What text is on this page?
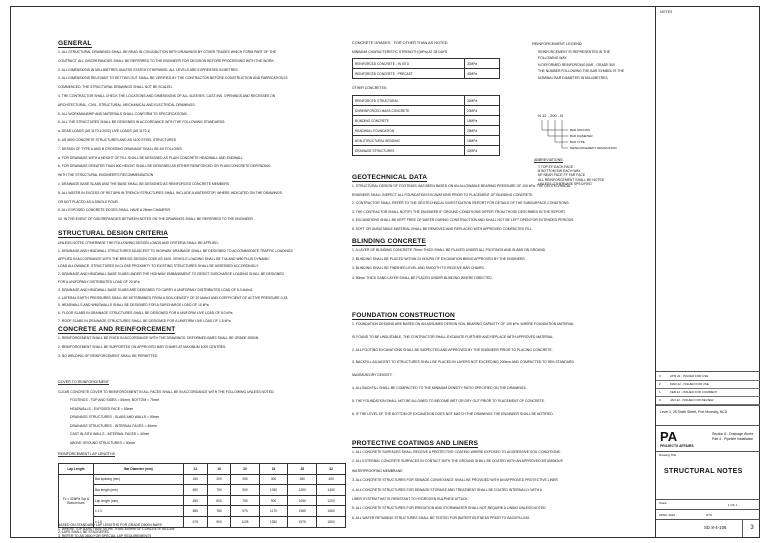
GENERAL
1. ALL STRUCTURAL DRAWINGS SHALL BE READ IN CONJUNCTION WITH DRAWINGS BY OTHER TRADES WHICH FORM PART OF THE
CONTRACT. ALL DISCREPANCIES SHALL BE REFERRED TO THE ENGINEER FOR DECISION BEFORE PROCEEDING WITH THE WORK.
2. ALL DIMENSIONS IN MILLIMETRES UNLESS STATED OTHERWISE. ALL LEVELS ARE EXPRESSED IN METRES.
3. ALL DIMENSIONS RELEVANT TO SETTING OUT SHALL BE VERIFIED BY THE CONTRACTOR BEFORE CONSTRUCTION AND FABRICATION IS
COMMENCED. THE STRUCTURAL DRAWINGS SHALL NOT BE SCALED.
4. THE CONTRACTOR SHALL CHECK THE LOCATIONS AND DIMENSIONS OF ALL SLEEVES, CAST-INS, OPENINGS AND RECESSES ON
ARCHITECTURAL, CIVIL, STRUCTURAL, MECHANICAL AND ELECTRICAL DRAWINGS.
5. ALL WORKMANSHIP AND MATERIALS SHALL CONFORM TO SPECIFICATIONS.
6. ALL THE STRUCTURES SHALL BE DESIGNED IN ACCORDANCE WITH THE FOLLOWING STANDARDS:
a. DEAD LOADS (AS 1170.1:2002) LIVE LOADS (AS 1170.1)
b. AS 3600 CONCRETE STRUCTURES AND AS 4100 STEEL STRUCTURES
7. DESIGN OF TYPE A AND B CROSSING DRAINAGE SHALL BE AS FOLLOWS:
a. FOR DRAINAGE WITH A HEIGHT OF FILL SHALL BE DESIGNED AS PLAIN CONCRETE HEADWALL AND ENDWALL
b. FOR DRAINAGE GREATER THAN 600 HEIGHT SHALL BE DESIGNED AS EITHER REINFORCED OR PLAIN CONCRETE DEPENDING
WITH THE STRUCTURAL ENGINEER'S RECOMMENDATION
c. DRAINAGE BASE SLABS AND THE BASE SHALL BE DESIGNED AS REINFORCED CONCRETE MEMBERS
8. ALL WATER IN EXCESS OF RETURN IN TRENCH STRUCTURES SHALL INCLUDE A WATERSTOP, WHERE INDICATED ON THE DRAWINGS
OR NOT PLACED AS A SINGLE POUR.
9. ALL EXPOSED CONCRETE EDGES SHALL HAVE A 25mm CHAMFER.
10. IN THE EVENT OF DISCREPANCIES BETWEEN NOTES ON THE DRAWINGS SHALL BE REFERRED TO THE ENGINEER.
STRUCTURAL DESIGN CRITERIA
UNLESS NOTED OTHERWISE THE FOLLOWING DESIGN LOADS AND CRITERIA SHALL BE APPLIED:
1. DRAINAGE AND HEADWALL STRUCTURES ADJACENT TO HIGHWAY DRAINAGE SHALL BE DESIGNED TO ACCOMMODATE TRAFFIC LOADINGS
APPLIED IN ACCORDANCE WITH THE BRIDGE DESIGN CODE AS 5100. VEHICLE LOADING SHALL BE T44 AND W80 PLUS DYNAMIC
LOAD ALLOWANCE. STRUCTURES IN CLOSE PROXIMITY TO EXISTING STRUCTURES SHALL BE ASSESSED ACCORDINGLY.
2. DRAINAGE AND HEADWALL BASE SLABS UNDER THE HIGHWAY EMBANKMENT TO RESIST SURCHARGE LOADING SHALL BE DESIGNED
FOR A UNIFORMLY DISTRIBUTED LOAD OF 20 kPa.
3. DRAINAGE AND HEADWALL BASE SLABS ARE DESIGNED TO CARRY A UNIFORMLY DISTRIBUTED LOAD OF 5.0 kN/m2.
4. LATERAL EARTH PRESSURES SHALL BE DETERMINED FROM A SOIL DENSITY OF 20 kN/m3 AND COEFFICIENT OF ACTIVE PRESSURE 0.33.
5. HEADWALLS AND WINGWALLS SHALL BE DESIGNED FOR A SURCHARGE LOAD OF 10 kPa.
6. FLOOR SLABS IN DRAINAGE STRUCTURES SHALL BE DESIGNED FOR A UNIFORM LIVE LOAD OF 5.0 kPa.
7. ROOF SLABS IN DRAINAGE STRUCTURES SHALL BE DESIGNED FOR A UNIFORM LIVE LOAD OF 1.5 kPa.
CONCRETE AND REINFORCEMENT
1. REINFORCEMENT SHALL BE FIXED IN ACCORDANCE WITH THE DRAWINGS. DEFORMED BARS SHALL BE GRADE D500N.
2. REINFORCEMENT SHALL BE SUPPORTED ON APPROVED BAR CHAIRS AT MAXIMUM 1000 CENTRES.
3. NO WELDING OF REINFORCEMENT SHALL BE PERMITTED.
COVER TO REINFORCEMENT
CLEAR CONCRETE COVER TO REINFORCEMENT IN ALL FACES SHALL BE IN ACCORDANCE WITH THE FOLLOWING UNLESS NOTED:
FOOTINGS - TOP AND SIDES = 50mm, BOTTOM = 75mm
HEADWALLS - EXPOSED FACE = 50mm
DRAINAGE STRUCTURES - SLABS AND WALLS = 50mm
DRAINAGE STRUCTURES - INTERNAL FACES = 40mm
CAST IN-SITU WALLS - INTERNAL FACES = 40mm
ABOVE GROUND STRUCTURES = 30mm
REINFORCEMENT LAP LENGTHS
Lap Length	Bar Diameter (mm)	12	16	20	24	28	32
Fc = 32MPa Top & Bottom bars	Bar spacing (mm)	150	200	250	300	350	400
	Bar length (mm)	600	750	900	1050	1250	1450
	Lap length (mm)	450	600	750	900	1050	1200
	x 1.3	585	780	975	1170	1365	1560
	x 1.5	675	900	1125	1350	1575	1800
BASED ON STANDARD LAP LENGTHS FOR GRADE D500N BARS
1. WHERE TOP BARS HAVE MORE THAN 300mm OF CONCRETE BELOW
2. LAPS SHALL BE STAGGERED
3. REFER TO AS 3600 FOR SPECIAL LAP REQUIREMENTS
CONCRETE GRADES FOR OTHER THAN AS NOTED
MINIMUM CHARACTERISTIC STRENGTH (MPa) AT 28 DAYS
REINFORCED CONCRETE - IN SITU	32MPa
REINFORCED CONCRETE - PRECAST	40MPa
OTHER CONCRETES:
REINFORCED STRUCTURAL	32MPa
UNREINFORCED MASS CONCRETE	20MPa
BLINDING CONCRETE	15MPa
HEADWALL FOUNDATION	25MPa
NON-STRUCTURAL BEDDING	15MPa
DRAINAGE STRUCTURES	32MPa
REINFORCEMENT LEGEND
REINFORCEMENT IS REPRESENTED IN THE
FOLLOWING WAY:
N DEFORMED REINFORCING BAR - GRADE 500
THE NUMBER FOLLOWING THE BAR SYMBOL IS THE
NOMINAL BAR DIAMETER IN MILLIMETRES
N 12 - 200 - B
BAR SPACING
BAR DIAMETER
BAR TYPE
REINFORCEMENT DESIGNATION
ABBREVIATIONS
T TOP EF EACH FACE
B BOTTOM EW EACH WAY
NF NEAR FACE FF FAR FACE
ALL REINFORCEMENT SHALL BE NOTED
UNLESS OTHERWISE SPECIFIED
GEOTECHNICAL DATA
1. STRUCTURAL DESIGN OF FOOTINGS HAS BEEN BASED ON AN ALLOWABLE BEARING PRESSURE OF 100 kPa. THE GEOTECHNICAL
ENGINEER SHALL INSPECT ALL FOUNDATION EXCAVATIONS PRIOR TO PLACEMENT OF BLINDING CONCRETE.
2. CONTRACTOR SHALL REFER TO THE GEOTECHNICAL INVESTIGATION REPORT FOR DETAILS OF THE SUBSURFACE CONDITIONS.
3. THE CONTRACTOR SHALL NOTIFY THE ENGINEER IF GROUND CONDITIONS DIFFER FROM THOSE DESCRIBED IN THE REPORT.
4. EXCAVATIONS SHALL BE KEPT FREE OF WATER DURING CONSTRUCTION AND SHALL NOT BE LEFT OPEN FOR EXTENDED PERIODS.
5. SOFT OR UNSUITABLE MATERIAL SHALL BE REMOVED AND REPLACED WITH APPROVED COMPACTED FILL.
BLINDING CONCRETE
1. A LAYER OF BLINDING CONCRETE 75mm THICK SHALL BE PLACED UNDER ALL FOOTINGS AND SLABS ON GROUND.
2. BLINDING SHALL BE PLACED WITHIN 24 HOURS OF EXCAVATION BEING APPROVED BY THE ENGINEER.
3. BLINDING SHALL BE FINISHED LEVEL AND SMOOTH TO RECEIVE BAR CHAIRS.
4. 50mm THICK SAND LAYER SHALL BE PLACED UNDER BLINDING WHERE DIRECTED.
FOUNDATION CONSTRUCTION
1. FOUNDATION DESIGNS ARE BASED ON AN ASSUMED DESIGN SOIL BEARING CAPACITY OF 100 kPa. WHERE FOUNDATION MATERIAL
IS FOUND TO BE UNSUITABLE, THE CONTRACTOR SHALL EXCAVATE FURTHER AND REPLACE WITH APPROVED MATERIAL.
2. ALL FOOTING EXCAVATIONS SHALL BE INSPECTED AND APPROVED BY THE ENGINEER PRIOR TO PLACING CONCRETE.
3. BACKFILL ADJACENT TO STRUCTURES SHALL BE PLACED IN LAYERS NOT EXCEEDING 200mm AND COMPACTED TO 95% STANDARD
MAXIMUM DRY DENSITY.
4. ALL BACKFILL SHALL BE COMPACTED TO THE MINIMUM DENSITY RATIO SPECIFIED ON THE DRAWINGS.
5. THE FOUNDATION SHALL NOT BE ALLOWED TO BECOME WET OR DRY OUT PRIOR TO PLACEMENT OF CONCRETE.
6. IF THE LEVEL OF THE BOTTOM OF EXCAVATION DOES NOT MATCH THE DRAWINGS THE ENGINEER SHALL BE NOTIFIED.
PROTECTIVE COATINGS AND LINERS
1. ALL CONCRETE SURFACES SHALL RECEIVE A PROTECTIVE COATING WHERE EXPOSED TO AGGRESSIVE SOIL CONDITIONS.
2. ALL EXTERNAL CONCRETE SURFACES IN CONTACT WITH THE GROUND SHALL BE COATED WITH AN APPROVED BITUMINOUS
WATERPROOFING MEMBRANE.
3. ALL CONCRETE STRUCTURES FOR SEWAGE CONVEYANCE SHALL BE PROVIDED WITH AN APPROVED PROTECTIVE LINER.
4. ALL CONCRETE STRUCTURES FOR SEWAGE STORAGE AND TREATMENT SHALL BE COATED INTERNALLY WITH A
LINER SYSTEM THAT IS RESISTANT TO HYDROGEN SULPHIDE ATTACK.
5. ALL CONCRETE STRUCTURES FOR IRRIGATION AND STORMWATER SHALL NOT REQUIRE A LINING UNLESS NOTED.
6. ALL WATER RETAINING STRUCTURES SHALL BE TESTED FOR WATERTIGHTNESS PRIOR TO BACKFILLING.
NOTES
3	APR 22 - ISSUED FOR USE
2	MAR 22 - ISSUED FOR USE
1	FEB 22 - ISSUED FOR COMMENT
0	JAN 22 - ISSUED FOR REVIEW
Level 3, 25 Smith Street, Port Moresby, NCD
PA
PROJECTS AFFAIRS
Section 8 - Drainage Works
Part 4 - Pipeline Installation
Drawing Title
STRUCTURAL NOTES
Scale	1 OF 1
APRIL 2022	NTS
SD 8-4-106	3
